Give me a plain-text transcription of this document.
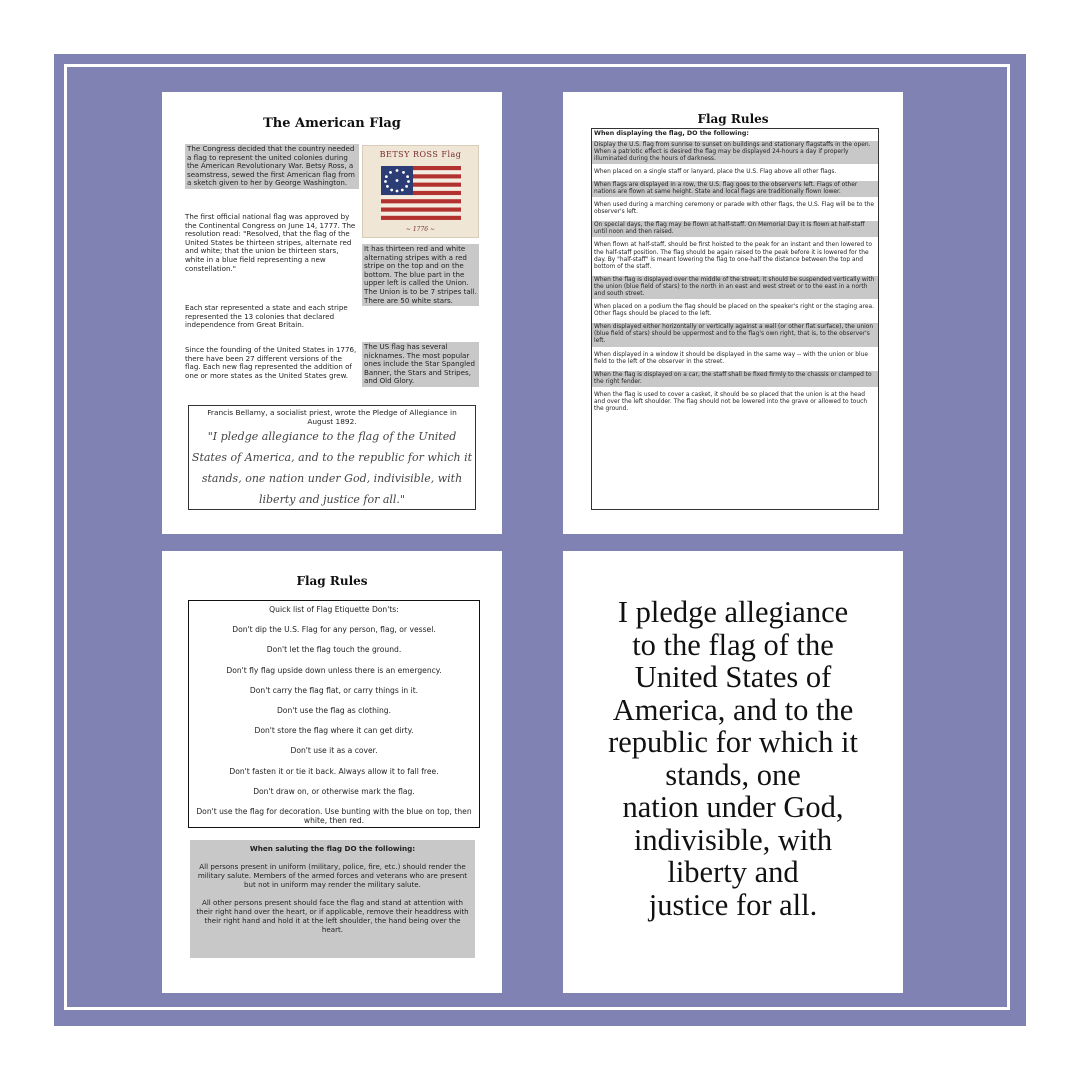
The American Flag

The Congress decided that the country needed a flag to represent the united colonies during the American Revolutionary War. Betsy Ross, a seamstress, sewed the first American flag from a sketch given to her by George Washington.

The first official national flag was approved by the Continental Congress on June 14, 1777. The resolution read: "Resolved, that the flag of the United States be thirteen stripes, alternate red and white; that the union be thirteen stars, white in a blue field representing a new constellation."

Each star represented a state and each stripe represented the 13 colonies that declared independence from Great Britain.

Since the founding of the United States in 1776, there have been 27 different versions of the flag. Each new flag represented the addition of one or more states as the United States grew.

BETSY ROSS Flag
~ 1776 ~

It has thirteen red and white alternating stripes with a red stripe on the top and on the bottom. The blue part in the upper left is called the Union. The Union is to be 7 stripes tall. There are 50 white stars.

The US flag has several nicknames. The most popular ones include the Star Spangled Banner, the Stars and Stripes, and Old Glory.

Francis Bellamy, a socialist priest, wrote the Pledge of Allegiance in August 1892.
"I pledge allegiance to the flag of the United States of America, and to the republic for which it stands, one nation under God, indivisible, with liberty and justice for all."
Flag Rules
When displaying the flag, DO the following:
Display the U.S. flag from sunrise to sunset on buildings and stationary flagstaffs in the open. When a patriotic effect is desired the flag may be displayed 24-hours a day if properly illuminated during the hours of darkness.
When placed on a single staff or lanyard, place the U.S. Flag above all other flags.
When flags are displayed in a row, the U.S. flag goes to the observer's left. Flags of other nations are flown at same height. State and local flags are traditionally flown lower.
When used during a marching ceremony or parade with other flags, the U.S. Flag will be to the observer's left.
On special days, the flag may be flown at half-staff. On Memorial Day it is flown at half-staff until noon and then raised.
When flown at half-staff, should be first hoisted to the peak for an instant and then lowered to the half-staff position. The flag should be again raised to the peak before it is lowered for the day. By "half-staff" is meant lowering the flag to one-half the distance between the top and bottom of the staff.
When the flag is displayed over the middle of the street, it should be suspended vertically with the union (blue field of stars) to the north in an east and west street or to the east in a north and south street.
When placed on a podium the flag should be placed on the speaker's right or the staging area. Other flags should be placed to the left.
When displayed either horizontally or vertically against a wall (or other flat surface), the union (blue field of stars) should be uppermost and to the flag's own right, that is, to the observer's left.
When displayed in a window it should be displayed in the same way -- with the union or blue field to the left of the observer in the street.
When the flag is displayed on a car, the staff shall be fixed firmly to the chassis or clamped to the right fender.
When the flag is used to cover a casket, it should be so placed that the union is at the head and over the left shoulder. The flag should not be lowered into the grave or allowed to touch the ground.
Flag Rules
Quick list of Flag Etiquette Don'ts:
Don't dip the U.S. Flag for any person, flag, or vessel.
Don't let the flag touch the ground.
Don't fly flag upside down unless there is an emergency.
Don't carry the flag flat, or carry things in it.
Don't use the flag as clothing.
Don't store the flag where it can get dirty.
Don't use it as a cover.
Don't fasten it or tie it back. Always allow it to fall free.
Don't draw on, or otherwise mark the flag.
Don't use the flag for decoration. Use bunting with the blue on top, then white, then red.
When saluting the flag DO the following:

All persons present in uniform (military, police, fire, etc.) should render the military salute. Members of the armed forces and veterans who are present but not in uniform may render the military salute.

All other persons present should face the flag and stand at attention with their right hand over the heart, or if applicable, remove their headdress with their right hand and hold it at the left shoulder, the hand being over the heart.

I pledge allegiance
to the flag of the
United States of
America, and to the
republic for which it
stands, one
nation under God,
indivisible, with
liberty and
justice for all.
